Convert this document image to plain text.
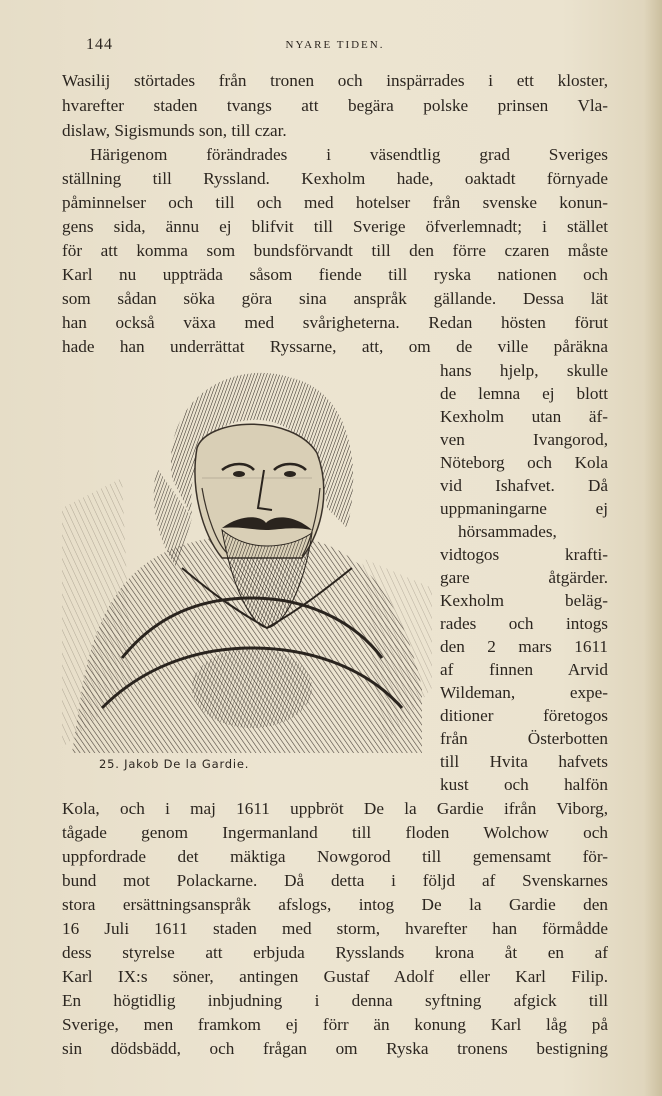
144	NYARE TIDEN.
Wasilij störtades från tronen och inspärrades i ett kloster,
hvarefter staden tvangs att begära polske prinsen Vla-
dislaw, Sigismunds son, till czar.
Härigenom förändrades i väsendtlig grad Sveriges
ställning till Ryssland. Kexholm hade, oaktadt förnyade
påminnelser och till och med hotelser från svenske konun-
gens sida, ännu ej blifvit till Sverige öfverlemnadt; i stället
för att komma som bundsförvandt till den förre czaren måste
Karl nu uppträda såsom fiende till ryska nationen och
som sådan söka göra sina anspråk gällande. Dessa lät
han också växa med svårigheterna. Redan hösten förut
hade han underrättat Ryssarne, att, om de ville påräkna
hans hjelp, skulle
de lemna ej blott
Kexholm utan äf-
ven Ivangorod,
Nöteborg och Kola
vid Ishafvet. Då
uppmaningarne ej
hörsammades,
vidtogos krafti-
gare åtgärder.
Kexholm beläg-
rades och intogs
den 2 mars 1611
af finnen Arvid
Wildeman, expe-
ditioner företogos
från Österbotten
till Hvita hafvets
kust och halfön
Kola, och i maj 1611 uppbröt De la Gardie ifrån Viborg,
tågade genom Ingermanland till floden Wolchow och
uppfordrade det mäktiga Nowgorod till gemensamt för-
bund mot Polackarne. Då detta i följd af Svenskarnes
stora ersättningsanspråk afslogs, intog De la Gardie den
16 Juli 1611 staden med storm, hvarefter han förmådde
dess styrelse att erbjuda Rysslands krona åt en af
Karl IX:s söner, antingen Gustaf Adolf eller Karl Filip.
En högtidlig inbjudning i denna syftning afgick till
Sverige, men framkom ej förr än konung Karl låg på
sin dödsbädd, och frågan om Ryska tronens bestigning
25. Jakob De la Gardie.
